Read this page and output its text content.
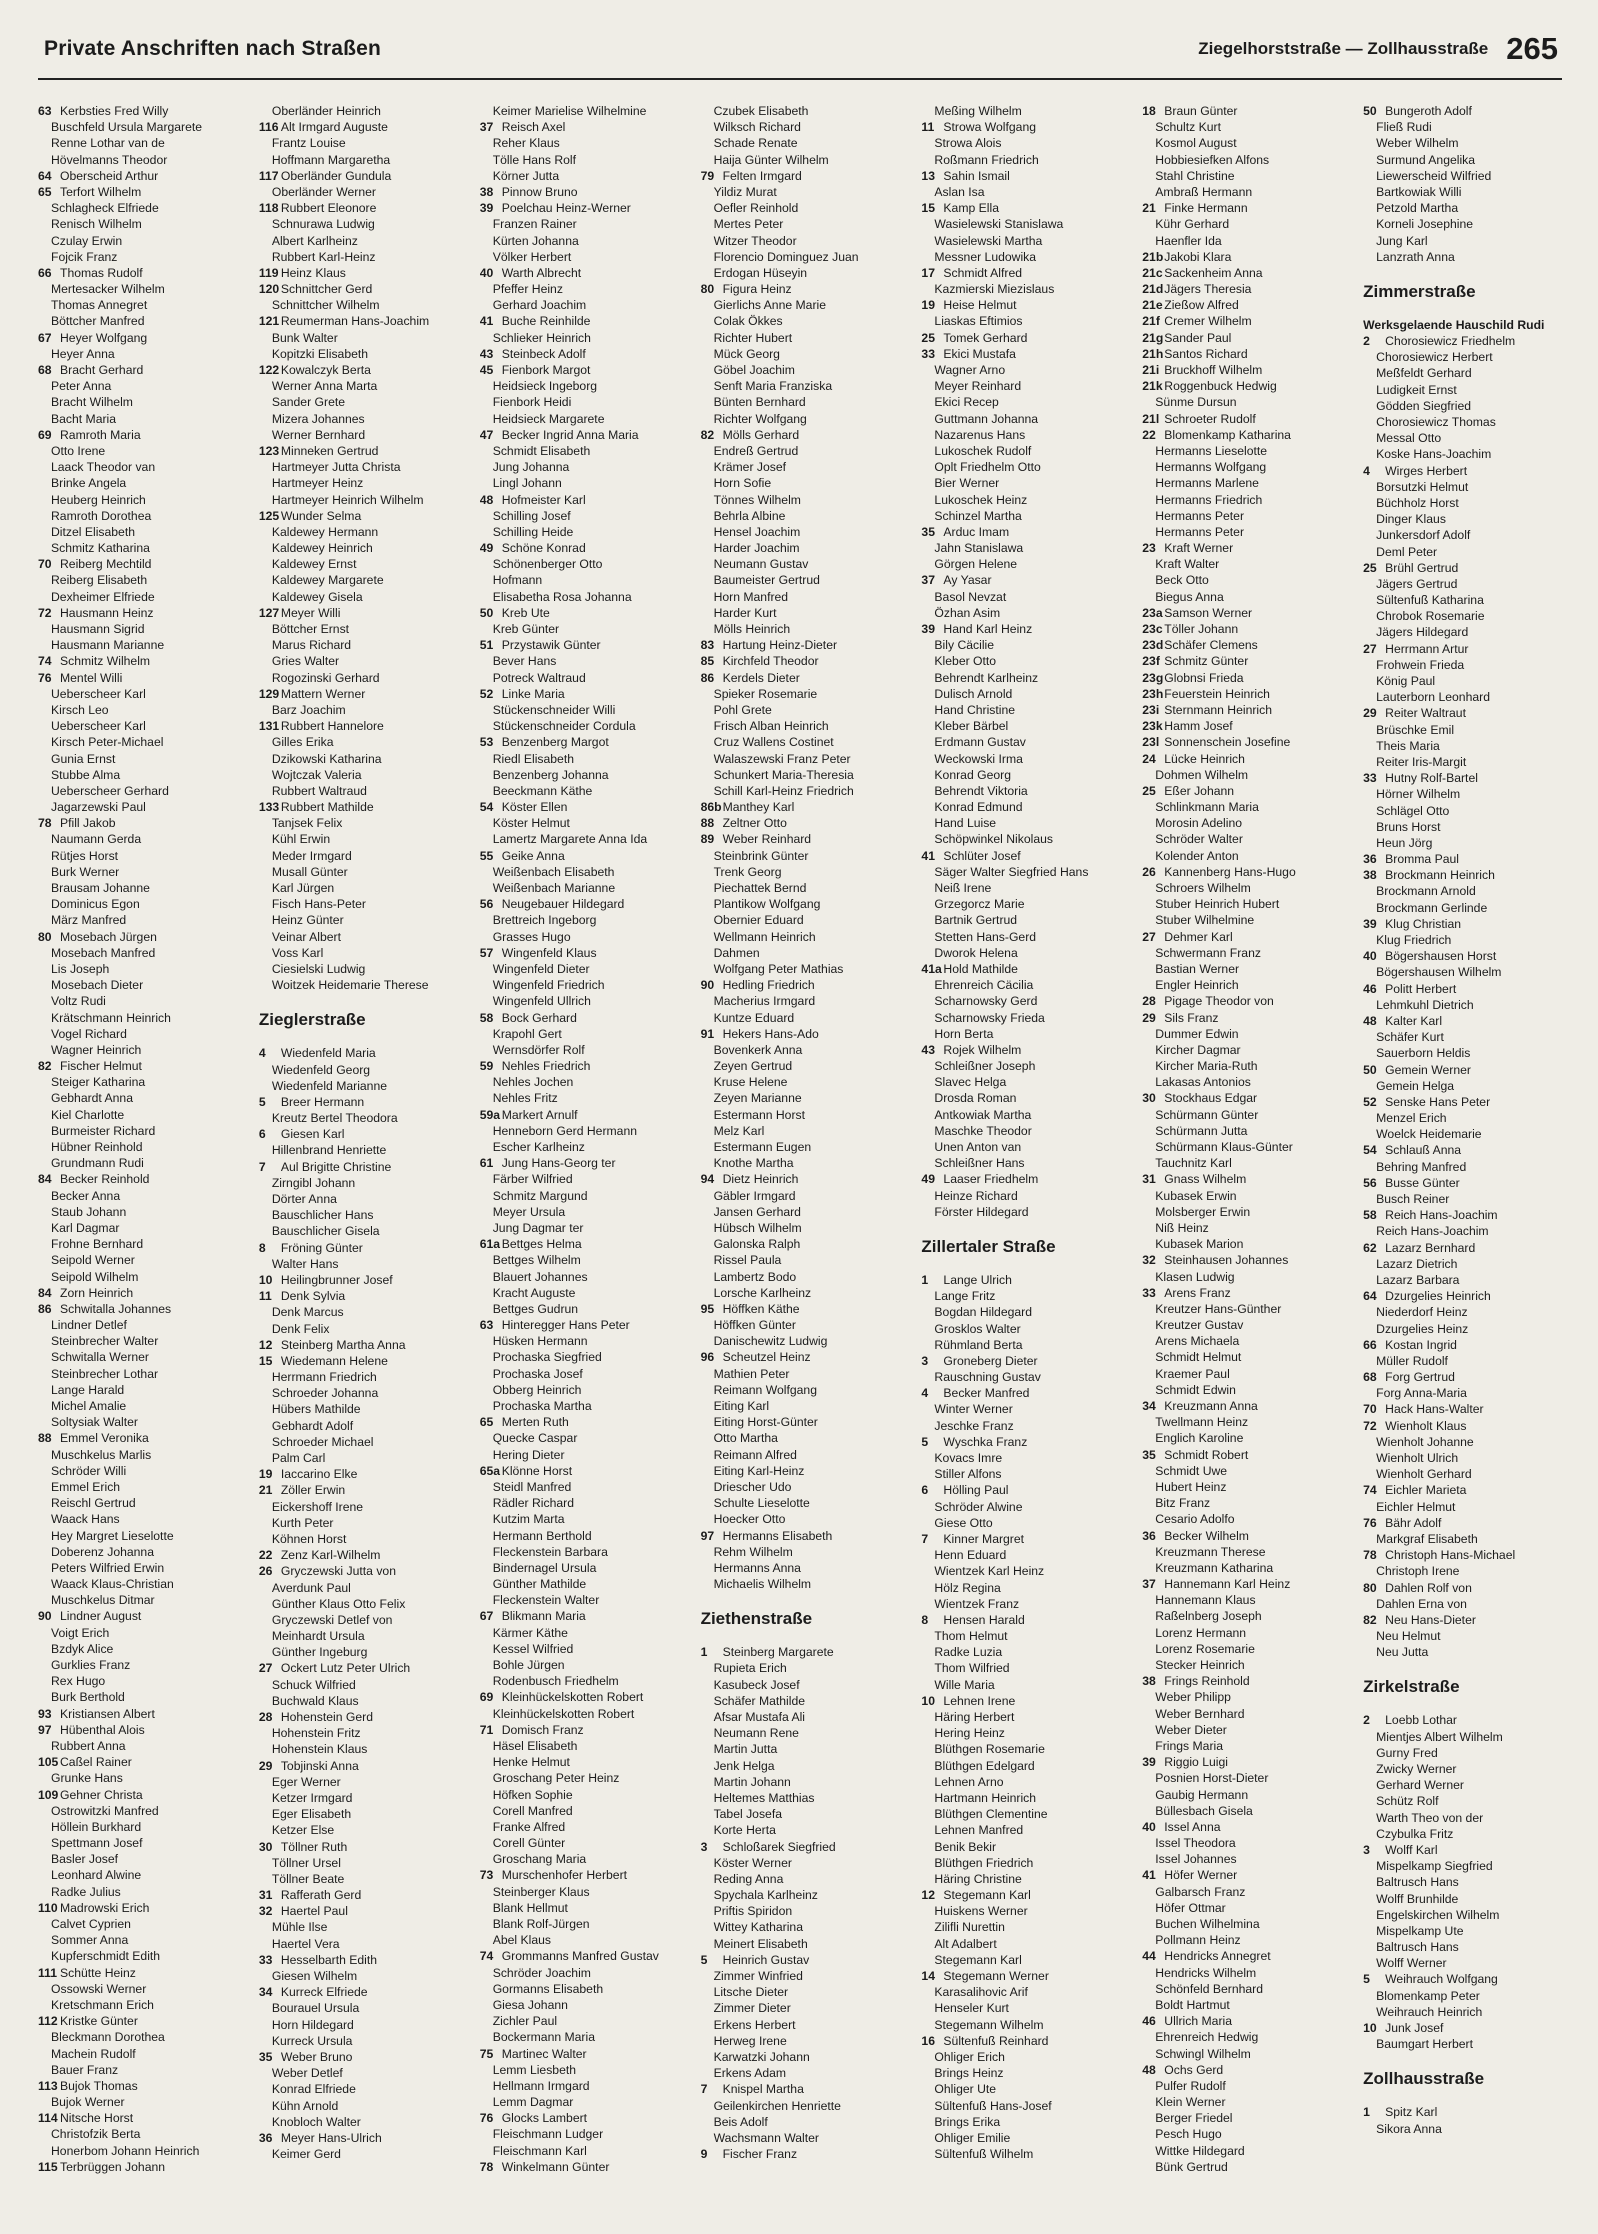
Private Anschriften nach Straßen	Ziegelhorststraße — Zollhausstraße 265
63 Kerbsties Fred Willy
Buschfeld Ursula Margarete
Renne Lothar van de
Hövelmanns Theodor
64 Oberscheid Arthur
65 Terfort Wilhelm
Schlagheck Elfriede
Renisch Wilhelm
Czulay Erwin
Fojcik Franz
66 Thomas Rudolf
Mertesacker Wilhelm
Thomas Annegret
Böttcher Manfred
67 Heyer Wolfgang
Heyer Anna
68 Bracht Gerhard
Peter Anna
Bracht Wilhelm
Bacht Maria
69 Ramroth Maria
Otto Irene
Laack Theodor van
Brinke Angela
Heuberg Heinrich
Ramroth Dorothea
Ditzel Elisabeth
Schmitz Katharina
70 Reiberg Mechtild
Reiberg Elisabeth
Dexheimer Elfriede
72 Hausmann Heinz
Hausmann Sigrid
Hausmann Marianne
74 Schmitz Wilhelm
76 Mentel Willi
Ueberscheer Karl
Kirsch Leo
Ueberscheer Karl
Kirsch Peter-Michael
Gunia Ernst
Stubbe Alma
Ueberscheer Gerhard
Jagarzewski Paul
78 Pfill Jakob
Naumann Gerda
Rütjes Horst
Burk Werner
Brausam Johanne
Dominicus Egon
März Manfred
80 Mosebach Jürgen
Mosebach Manfred
Lis Joseph
Mosebach Dieter
Voltz Rudi
Krätschmann Heinrich
Vogel Richard
Wagner Heinrich
82 Fischer Helmut
Steiger Katharina
Gebhardt Anna
Kiel Charlotte
Burmeister Richard
Hübner Reinhold
Grundmann Rudi
84 Becker Reinhold
Becker Anna
Staub Johann
Karl Dagmar
Frohne Bernhard
Seipold Werner
Seipold Wilhelm
84 Zorn Heinrich
86 Schwitalla Johannes
Lindner Detlef
Steinbrecher Walter
Schwitalla Werner
Steinbrecher Lothar
Lange Harald
Michel Amalie
Soltysiak Walter
88 Emmel Veronika
Muschkelus Marlis
Schröder Willi
Emmel Erich
Reischl Gertrud
Waack Hans
Hey Margret Lieselotte
Doberenz Johanna
Peters Wilfried Erwin
Waack Klaus-Christian
Muschkelus Ditmar
90 Lindner August
Voigt Erich
Bzdyk Alice
Gurklies Franz
Rex Hugo
Burk Berthold
93 Kristiansen Albert
97 Hübenthal Alois
Rubbert Anna
105 Caßel Rainer
Grunke Hans
109 Gehner Christa
Ostrowitzki Manfred
Höllein Burkhard
Spettmann Josef
Basler Josef
Leonhard Alwine
Radke Julius
110 Madrowski Erich
Calvet Cyprien
Sommer Anna
Kupferschmidt Edith
111 Schütte Heinz
Ossowski Werner
Kretschmann Erich
112 Kristke Günter
Bleckmann Dorothea
Machein Rudolf
Bauer Franz
113 Bujok Thomas
Bujok Werner
114 Nitsche Horst
Christofzik Berta
Honerbom Johann Heinrich
115 Terbrüggen Johann
Oberländer Heinrich
116 Alt Irmgard Auguste
Frantz Louise
Hoffmann Margaretha
117 Oberländer Gundula
Oberländer Werner
118 Rubbert Eleonore
Schnurawa Ludwig
Albert Karlheinz
Rubbert Karl-Heinz
119 Heinz Klaus
120 Schnittcher Gerd
Schnittcher Wilhelm
121 Reumerman Hans-Joachim
Bunk Walter
Kopitzki Elisabeth
122 Kowalczyk Berta
Werner Anna Marta
Sander Grete
Mizera Johannes
Werner Bernhard
123 Minneken Gertrud
Hartmeyer Jutta Christa
Hartmeyer Heinz
Hartmeyer Heinrich Wilhelm
125 Wunder Selma
Kaldewey Hermann
Kaldewey Heinrich
Kaldewey Ernst
Kaldewey Margarete
Kaldewey Gisela
127 Meyer Willi
Böttcher Ernst
Marus Richard
Gries Walter
Rogozinski Gerhard
129 Mattern Werner
Barz Joachim
131 Rubbert Hannelore
Gilles Erika
Dzikowski Katharina
Wojtczak Valeria
Rubbert Waltraud
133 Rubbert Mathilde
Tanjsek Felix
Kühl Erwin
Meder Irmgard
Musall Günter
Karl Jürgen
Fisch Hans-Peter
Heinz Günter
Veinar Albert
Voss Karl
Ciesielski Ludwig
Woitzek Heidemarie Therese
Zieglerstraße
4	Wiedenfeld Maria
Wiedenfeld Georg
Wiedenfeld Marianne
5	Breer Hermann
Kreutz Bertel Theodora
6	Giesen Karl
Hillenbrand Henriette
7	Aul Brigitte Christine
Zirngibl Johann
Dörter Anna
Bauschlicher Hans
Bauschlicher Gisela
8	Fröning Günter
Walter Hans
10 Heilingbrunner Josef
11 Denk Sylvia
Denk Marcus
Denk Felix
12 Steinberg Martha Anna
15 Wiedemann Helene
Herrmann Friedrich
Schroeder Johanna
Hübers Mathilde
Gebhardt Adolf
Schroeder Michael
Palm Carl
19 Iaccarino Elke
21 Zöller Erwin
Eickershoff Irene
Kurth Peter
Köhnen Horst
22 Zenz Karl-Wilhelm
26 Gryczewski Jutta von
Averdunk Paul
Günther Klaus Otto Felix
Gryczewski Detlef von
Meinhardt Ursula
Günther Ingeburg
27 Ockert Lutz Peter Ulrich
Schuck Wilfried
Buchwald Klaus
28 Hohenstein Gerd
Hohenstein Fritz
Hohenstein Klaus
29 Tobjinski Anna
Eger Werner
Ketzer Irmgard
Eger Elisabeth
Ketzer Else
30 Töllner Ruth
Töllner Ursel
Töllner Beate
31 Rafferath Gerd
32 Haertel Paul
Mühle Ilse
Haertel Vera
33 Hesselbarth Edith
Giesen Wilhelm
34 Kurreck Elfriede
Bourauel Ursula
Horn Hildegard
Kurreck Ursula
35 Weber Bruno
Weber Detlef
Konrad Elfriede
Kühn Arnold
Knobloch Walter
36 Meyer Hans-Ulrich
Keimer Gerd
Keimer Marielise Wilhelmine
37 Reisch Axel
Reher Klaus
Tölle Hans Rolf
Körner Jutta
38 Pinnow Bruno
39 Poelchau Heinz-Werner
Franzen Rainer
Kürten Johanna
Völker Herbert
40 Warth Albrecht
Pfeffer Heinz
Gerhard Joachim
41 Buche Reinhilde
Schlieker Heinrich
43 Steinbeck Adolf
45 Fienbork Margot
Heidsieck Ingeborg
Fienbork Heidi
Heidsieck Margarete
47 Becker Ingrid Anna Maria
Schmidt Elisabeth
Jung Johanna
Lingl Johann
48 Hofmeister Karl
Schilling Josef
Schilling Heide
49 Schöne Konrad
Schönenberger Otto
Hofmann
Elisabetha Rosa Johanna
50 Kreb Ute
Kreb Günter
51 Przystawik Günter
Bever Hans
Potreck Waltraud
52 Linke Maria
Stückenschneider Willi
Stückenschneider Cordula
53 Benzenberg Margot
Riedl Elisabeth
Benzenberg Johanna
Beeckmann Käthe
54 Köster Ellen
Köster Helmut
Lamertz Margarete Anna Ida
55 Geike Anna
Weißenbach Elisabeth
Weißenbach Marianne
56 Neugebauer Hildegard
Brettreich Ingeborg
Grasses Hugo
57 Wingenfeld Klaus
Wingenfeld Dieter
Wingenfeld Friedrich
Wingenfeld Ullrich
58 Bock Gerhard
Krapohl Gert
Wernsdörfer Rolf
59 Nehles Friedrich
Nehles Jochen
Nehles Fritz
59a Markert Arnulf
Henneborn Gerd Hermann
Escher Karlheinz
61 Jung Hans-Georg ter
Färber Wilfried
Schmitz Margund
Meyer Ursula
Jung Dagmar ter
61a Bettges Helma
Bettges Wilhelm
Blauert Johannes
Kracht Auguste
Bettges Gudrun
63 Hinteregger Hans Peter
Hüsken Hermann
Prochaska Siegfried
Prochaska Josef
Obberg Heinrich
Prochaska Martha
65 Merten Ruth
Quecke Caspar
Hering Dieter
65a Klönne Horst
Steidl Manfred
Rädler Richard
Kutzim Marta
Hermann Berthold
Fleckenstein Barbara
Bindernagel Ursula
Günther Mathilde
Fleckenstein Walter
67 Blikmann Maria
Kärmer Käthe
Kessel Wilfried
Bohle Jürgen
Rodenbusch Friedhelm
69 Kleinhückelskotten Robert
Kleinhückelskotten Robert
71 Domisch Franz
Häsel Elisabeth
Henke Helmut
Groschang Peter Heinz
Höfken Sophie
Corell Manfred
Franke Alfred
Corell Günter
Groschang Maria
73 Murschenhofer Herbert
Steinberger Klaus
Blank Hellmut
Blank Rolf-Jürgen
Abel Klaus
74 Grommanns Manfred Gustav
Schröder Joachim
Gormanns Elisabeth
Giesa Johann
Zichler Paul
Bockermann Maria
75 Martinec Walter
Lemm Liesbeth
Hellmann Irmgard
Lemm Dagmar
76 Glocks Lambert
Fleischmann Ludger
Fleischmann Karl
78 Winkelmann Günter
Czubek Elisabeth
Wilksch Richard
Schade Renate
Haija Günter Wilhelm
79 Felten Irmgard
Yildiz Murat
Oefler Reinhold
Mertes Peter
Witzer Theodor
Florencio Dominguez Juan
Erdogan Hüseyin
80 Figura Heinz
Gierlichs Anne Marie
Colak Ökkes
Richter Hubert
Mück Georg
Göbel Joachim
Senft Maria Franziska
Bünten Bernhard
Richter Wolfgang
82 Mölls Gerhard
Endreß Gertrud
Krämer Josef
Horn Sofie
Tönnes Wilhelm
Behrla Albine
Hensel Joachim
Harder Joachim
Neumann Gustav
Baumeister Gertrud
Horn Manfred
Harder Kurt
Mölls Heinrich
83 Hartung Heinz-Dieter
85 Kirchfeld Theodor
86 Kerdels Dieter
Spieker Rosemarie
Pohl Grete
Frisch Alban Heinrich
Cruz Wallens Costinet
Walaszewski Franz Peter
Schunkert Maria-Theresia
Schill Karl-Heinz Friedrich
86b Manthey Karl
88 Zeltner Otto
89 Weber Reinhard
Steinbrink Günter
Trenk Georg
Piechattek Bernd
Plantikow Wolfgang
Obernier Eduard
Wellmann Heinrich
Dahmen
Wolfgang Peter Mathias
90 Hedling Friedrich
Macherius Irmgard
Kuntze Eduard
91 Hekers Hans-Ado
Bovenkerk Anna
Zeyen Gertrud
Kruse Helene
Zeyen Marianne
Estermann Horst
Melz Karl
Estermann Eugen
Knothe Martha
94 Dietz Heinrich
Gäbler Irmgard
Jansen Gerhard
Hübsch Wilhelm
Galonska Ralph
Rissel Paula
Lambertz Bodo
Lorsche Karlheinz
95 Höffken Käthe
Höffken Günter
Danischewitz Ludwig
96 Scheutzel Heinz
Mathien Peter
Reimann Wolfgang
Eiting Karl
Eiting Horst-Günter
Otto Martha
Reimann Alfred
Eiting Karl-Heinz
Driescher Udo
Schulte Lieselotte
Hoecker Otto
97 Hermanns Elisabeth
Rehm Wilhelm
Hermanns Anna
Michaelis Wilhelm
Ziethenstraße
1	Steinberg Margarete
Rupieta Erich
Kasubeck Josef
Schäfer Mathilde
Afsar Mustafa Ali
Neumann Rene
Martin Jutta
Jenk Helga
Martin Johann
Heltemes Matthias
Tabel Josefa
Korte Herta
3	Schloßarek Siegfried
Köster Werner
Reding Anna
Spychala Karlheinz
Priftis Spiridon
Wittey Katharina
Meinert Elisabeth
5	Heinrich Gustav
Zimmer Winfried
Litsche Dieter
Zimmer Dieter
Erkens Herbert
Herweg Irene
Karwatzki Johann
Erkens Adam
7	Knispel Martha
Geilenkirchen Henriette
Beis Adolf
Wachsmann Walter
9	Fischer Franz
Meßing Wilhelm
11 Strowa Wolfgang
Strowa Alois
Roßmann Friedrich
13 Sahin Ismail
Aslan Isa
15 Kamp Ella
Wasielewski Stanislawa
Wasielewski Martha
Messner Ludowika
17 Schmidt Alfred
Kazmierski Miezislaus
19 Heise Helmut
Liaskas Eftimios
25 Tomek Gerhard
33 Ekici Mustafa
Wagner Arno
Meyer Reinhard
Ekici Recep
Guttmann Johanna
Nazarenus Hans
Lukoschek Rudolf
Oplt Friedhelm Otto
Bier Werner
Lukoschek Heinz
Schinzel Martha
35 Arduc Imam
Jahn Stanislawa
Görgen Helene
37 Ay Yasar
Basol Nevzat
Özhan Asim
39 Hand Karl Heinz
Bily Cäcilie
Kleber Otto
Behrendt Karlheinz
Dulisch Arnold
Hand Christine
Kleber Bärbel
Erdmann Gustav
Weckowski Irma
Konrad Georg
Behrendt Viktoria
Konrad Edmund
Hand Luise
Schöpwinkel Nikolaus
41 Schlüter Josef
Säger Walter Siegfried Hans
Neiß Irene
Grzegorcz Marie
Bartnik Gertrud
Stetten Hans-Gerd
Dworok Helena
41a Hold Mathilde
Ehrenreich Cäcilia
Scharnowsky Gerd
Scharnowsky Frieda
Horn Berta
43 Rojek Wilhelm
Schleißner Joseph
Slavec Helga
Drosda Roman
Antkowiak Martha
Maschke Theodor
Unen Anton van
Schleißner Hans
49 Laaser Friedhelm
Heinze Richard
Förster Hildegard
Zillertaler Straße
1	Lange Ulrich
Lange Fritz
Bogdan Hildegard
Grosklos Walter
Rühmland Berta
3	Groneberg Dieter
Rauschning Gustav
4	Becker Manfred
Winter Werner
Jeschke Franz
5	Wyschka Franz
Kovacs Imre
Stiller Alfons
6	Hölling Paul
Schröder Alwine
Giese Otto
7	Kinner Margret
Henn Eduard
Wientzek Karl Heinz
Hölz Regina
Wientzek Franz
8	Hensen Harald
Thom Helmut
Radke Luzia
Thom Wilfried
Wille Maria
10 Lehnen Irene
Häring Herbert
Hering Heinz
Blüthgen Rosemarie
Blüthgen Edelgard
Lehnen Arno
Hartmann Heinrich
Blüthgen Clementine
Lehnen Manfred
Benik Bekir
Blüthgen Friedrich
Häring Christine
12 Stegemann Karl
Huiskens Werner
Zilifli Nurettin
Alt Adalbert
Stegemann Karl
14 Stegemann Werner
Karasalihovic Arif
Henseler Kurt
Stegemann Wilhelm
16 Sültenfuß Reinhard
Ohliger Erich
Brings Heinz
Ohliger Ute
Sültenfuß Hans-Josef
Brings Erika
Ohliger Emilie
Sültenfuß Wilhelm
18 Braun Günter
Schultz Kurt
Kosmol August
Hobbiesiefken Alfons
Stahl Christine
Ambraß Hermann
21 Finke Hermann
Kühr Gerhard
Haenfler Ida
21b Jakobi Klara
21c Sackenheim Anna
21d Jägers Theresia
21e Zießow Alfred
21f Cremer Wilhelm
21g Sander Paul
21h Santos Richard
21i Bruckhoff Wilhelm
21k Roggenbuck Hedwig
Sünme Dursun
21l Schroeter Rudolf
22 Blomenkamp Katharina
Hermanns Lieselotte
Hermanns Wolfgang
Hermanns Marlene
Hermanns Friedrich
Hermanns Peter
Hermanns Peter
23 Kraft Werner
Kraft Walter
Beck Otto
Biegus Anna
23a Samson Werner
23c Töller Johann
23d Schäfer Clemens
23f Schmitz Günter
23g Globnsi Frieda
23h Feuerstein Heinrich
23i Sternmann Heinrich
23k Hamm Josef
23l Sonnenschein Josefine
24 Lücke Heinrich
Dohmen Wilhelm
25 Eßer Johann
Schlinkmann Maria
Morosin Adelino
Schröder Walter
Kolender Anton
26 Kannenberg Hans-Hugo
Schroers Wilhelm
Stuber Heinrich Hubert
Stuber Wilhelmine
27 Dehmer Karl
Schwermann Franz
Bastian Werner
Engler Heinrich
28 Pigage Theodor von
29 Sils Franz
Dummer Edwin
Kircher Dagmar
Kircher Maria-Ruth
Lakasas Antonios
30 Stockhaus Edgar
Schürmann Günter
Schürmann Jutta
Schürmann Klaus-Günter
Tauchnitz Karl
31 Gnass Wilhelm
Kubasek Erwin
Molsberger Erwin
Niß Heinz
Kubasek Marion
32 Steinhausen Johannes
Klasen Ludwig
33 Arens Franz
Kreutzer Hans-Günther
Kreutzer Gustav
Arens Michaela
Schmidt Helmut
Kraemer Paul
Schmidt Edwin
34 Kreuzmann Anna
Twellmann Heinz
Englich Karoline
35 Schmidt Robert
Schmidt Uwe
Hubert Heinz
Bitz Franz
Cesario Adolfo
36 Becker Wilhelm
Kreuzmann Therese
Kreuzmann Katharina
37 Hannemann Karl Heinz
Hannemann Klaus
Raßelnberg Joseph
Lorenz Hermann
Lorenz Rosemarie
Stecker Heinrich
38 Frings Reinhold
Weber Philipp
Weber Bernhard
Weber Dieter
Frings Maria
39 Riggio Luigi
Posnien Horst-Dieter
Gaubig Hermann
Büllesbach Gisela
40 Issel Anna
Issel Theodora
Issel Johannes
41 Höfer Werner
Galbarsch Franz
Höfer Ottmar
Buchen Wilhelmina
Pollmann Heinz
44 Hendricks Annegret
Hendricks Wilhelm
Schönfeld Bernhard
Boldt Hartmut
46 Ullrich Maria
Ehrenreich Hedwig
Schwingl Wilhelm
48 Ochs Gerd
Pulfer Rudolf
Klein Werner
Berger Friedel
Pesch Hugo
Wittke Hildegard
Bünk Gertrud
50 Bungeroth Adolf
Fließ Rudi
Weber Wilhelm
Surmund Angelika
Liewerscheid Wilfried
Bartkowiak Willi
Petzold Martha
Korneli Josephine
Jung Karl
Lanzrath Anna
Zimmerstraße
Werksgelaende Hauschild Rudi
2	Chorosiewicz Friedhelm
Chorosiewicz Herbert
Meßfeldt Gerhard
Ludigkeit Ernst
Gödden Siegfried
Chorosiewicz Thomas
Messal Otto
Koske Hans-Joachim
4	Wirges Herbert
Borsutzki Helmut
Büchholz Horst
Dinger Klaus
Junkersdorf Adolf
Deml Peter
25 Brühl Gertrud
Jägers Gertrud
Sültenfuß Katharina
Chrobok Rosemarie
Jägers Hildegard
27 Herrmann Artur
Frohwein Frieda
König Paul
Lauterborn Leonhard
29 Reiter Waltraut
Brüschke Emil
Theis Maria
Reiter Iris-Margit
33 Hutny Rolf-Bartel
Hörner Wilhelm
Schlägel Otto
Bruns Horst
Heun Jörg
36 Bromma Paul
38 Brockmann Heinrich
Brockmann Arnold
Brockmann Gerlinde
39 Klug Christian
Klug Friedrich
40 Bögershausen Horst
Bögershausen Wilhelm
46 Politt Herbert
Lehmkuhl Dietrich
48 Kalter Karl
Schäfer Kurt
Sauerborn Heldis
50 Gemein Werner
Gemein Helga
52 Senske Hans Peter
Menzel Erich
Woelck Heidemarie
54 Schlauß Anna
Behring Manfred
56 Busse Günter
Busch Reiner
58 Reich Hans-Joachim
Reich Hans-Joachim
62 Lazarz Bernhard
Lazarz Dietrich
Lazarz Barbara
64 Dzurgelies Heinrich
Niederdorf Heinz
Dzurgelies Heinz
66 Kostan Ingrid
Müller Rudolf
68 Forg Gertrud
Forg Anna-Maria
70 Hack Hans-Walter
72 Wienholt Klaus
Wienholt Johanne
Wienholt Ulrich
Wienholt Gerhard
74 Eichler Marieta
Eichler Helmut
76 Bähr Adolf
Markgraf Elisabeth
78 Christoph Hans-Michael
Christoph Irene
80 Dahlen Rolf von
Dahlen Erna von
82 Neu Hans-Dieter
Neu Helmut
Neu Jutta
Zirkelstraße
2	Loebb Lothar
Mientjes Albert Wilhelm
Gurny Fred
Zwicky Werner
Gerhard Werner
Schütz Rolf
Warth Theo von der
Czybulka Fritz
3	Wolff Karl
Mispelkamp Siegfried
Baltrusch Hans
Wolff Brunhilde
Engelskirchen Wilhelm
Mispelkamp Ute
Baltrusch Hans
Wolff Werner
5	Weihrauch Wolfgang
Blomenkamp Peter
Weihrauch Heinrich
10 Junk Josef
Baumgart Herbert
Zollhausstraße
1	Spitz Karl
Sikora Anna
